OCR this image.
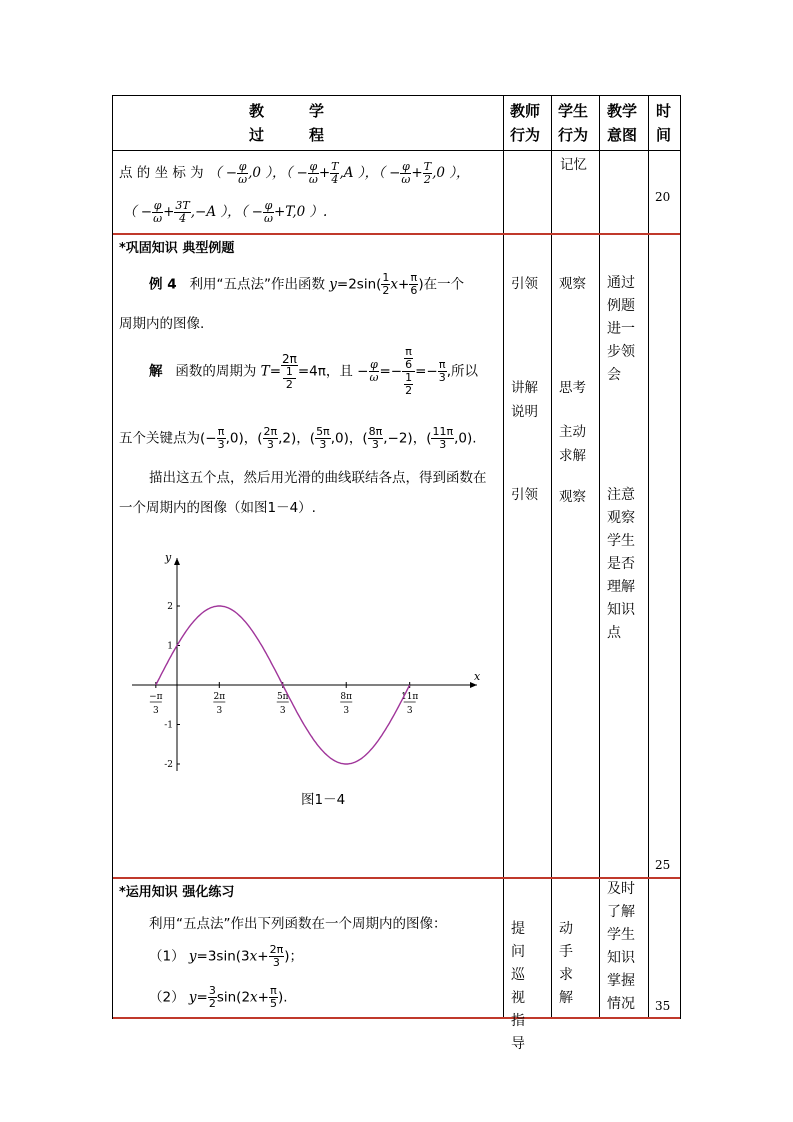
教　　　学
过　　　程
教师
行为
学生
行为
教学
意图
时
间
点 的 坐 标 为 （ − $\frac{\varphi}{\omega} ,0$ ），（ − $\frac{\varphi}{\omega} + \frac{T}{4} ,A$ ），（ − $\frac{\varphi}{\omega} + \frac{T}{2} ,0$ ），
（ − $\frac{\varphi}{\omega} + \frac{3T}{4} ,-A$ ），（ − $\frac{\varphi}{\omega} +T,0$ ）.
记忆
20
*巩固知识 典型例题
例 4 利用“五点法”作出函数 $y=2\sin( \frac{1}{2} x+ \frac{\pi}{6}$ )在一个
周期内的图像.
解 函数的周期为 T= 2π
1
2 =4π，且 − $\frac{\varphi}{\omega} =- \pi$
6
1
$2 =- \frac{\pi}{3}$ ,所以
五个关键点为(− $\frac{\pi}{3} ,0$)，( $\frac{2\pi}{3} ,2$)，( $\frac{5\pi}{3} ,0$)，( $\frac{8\pi}{3} ,-2$)，( $\frac{11\pi}{3} ,0$).
描出这五个点，然后用光滑的曲线联结各点，得到函数在
一个周期内的图像（如图1－4）.
x
y
−π
3
2π
3
5π
3
8π
3
11π
3
2
1
-1
-2
图1－4
引领
讲解
说明
引领
观察
思考
主动
求解
观察
通过例题进一步领会
注意观察学生是否理解知识点
25
*运用知识 强化练习
利用“五点法”作出下列函数在一个周期内的图像：
（1） $y=3\sin(3x+ \frac{2\pi}{3}$ )；
（2） $y= \frac{3}{2} \sin(2x+ \frac{\pi}{5}$ ).
提问巡视指导
动手求解
及时了解学生知识掌握情况 35
